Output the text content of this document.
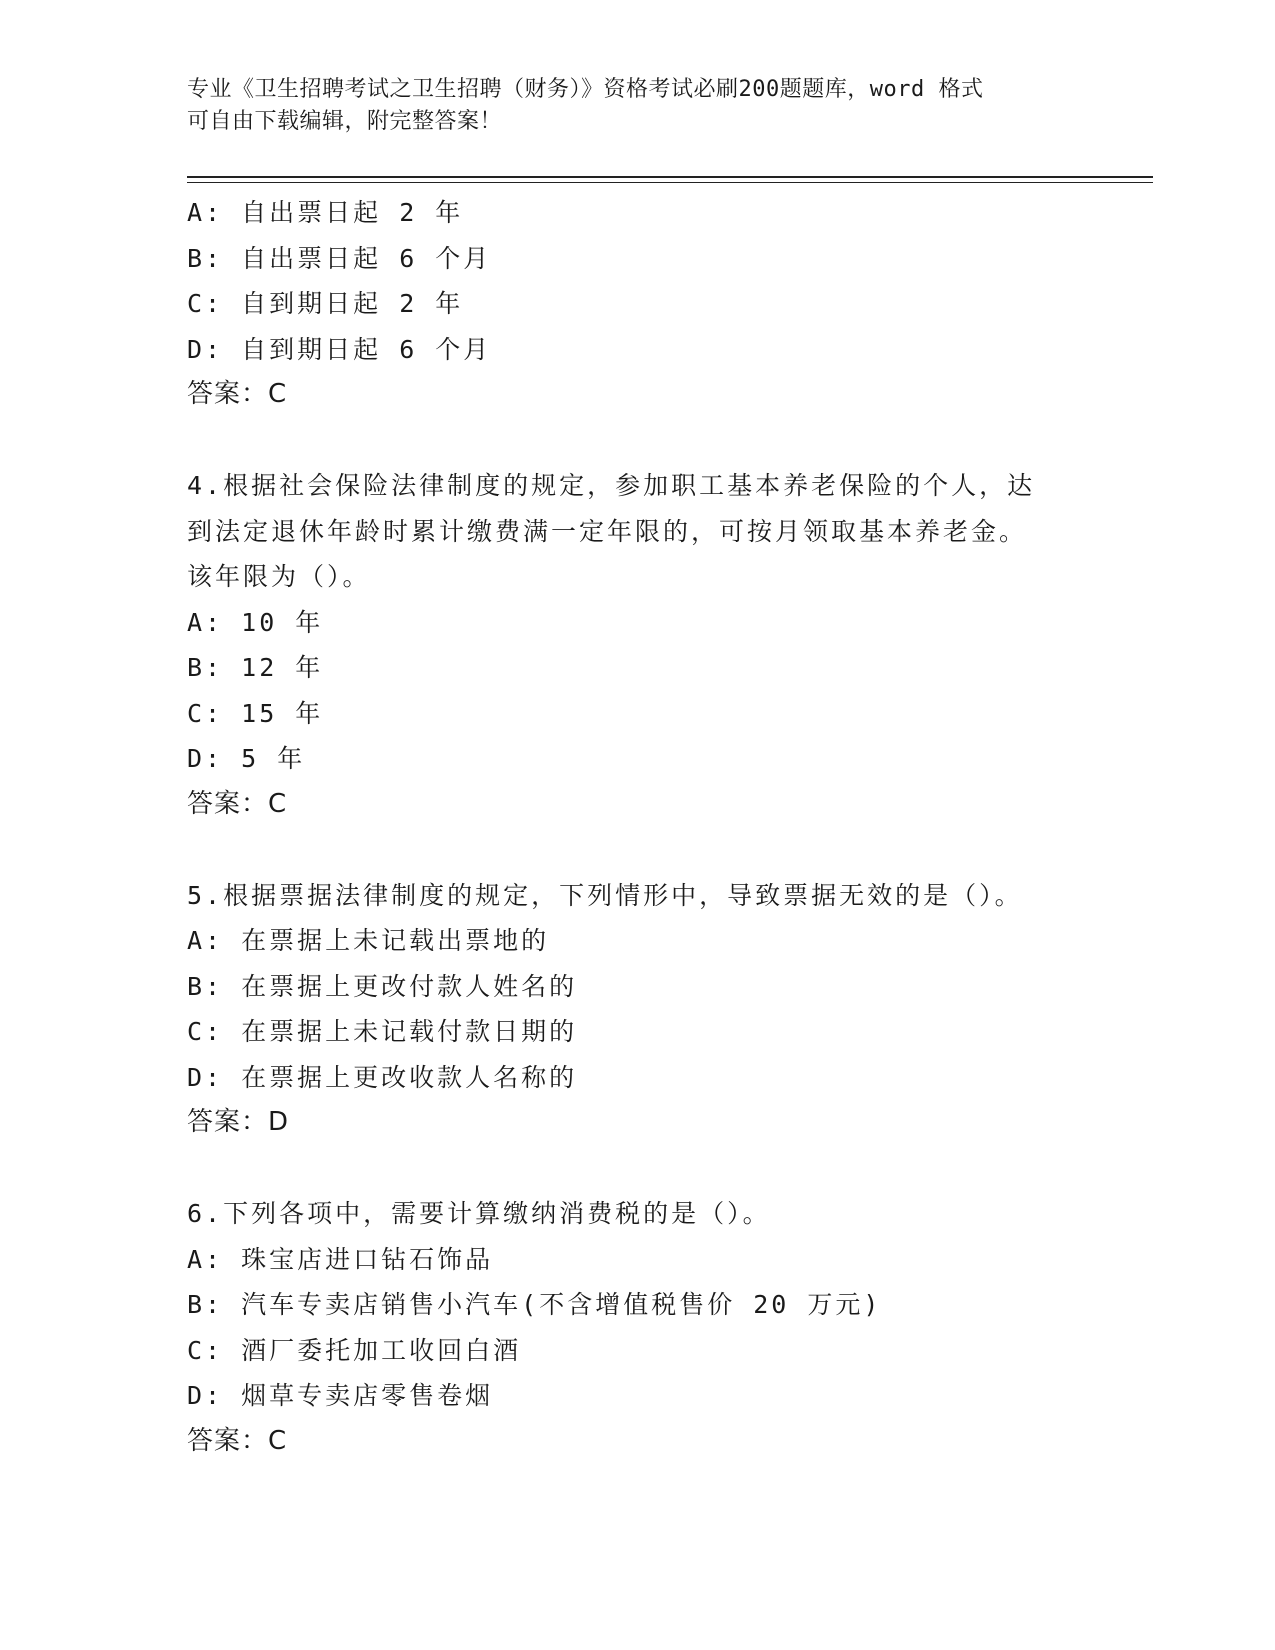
专业《卫生招聘考试之卫生招聘（财务）》资格考试必刷200题题库，word 格式
可自由下载编辑，附完整答案！
A: 自出票日起 2 年
B: 自出票日起 6 个月
C: 自到期日起 2 年
D: 自到期日起 6 个月
答案：C
4.根据社会保险法律制度的规定，参加职工基本养老保险的个人，达
到法定退休年龄时累计缴费满一定年限的，可按月领取基本养老金。
该年限为（）。
A: 10 年
B: 12 年
C: 15 年
D: 5 年
答案：C
5.根据票据法律制度的规定，下列情形中，导致票据无效的是（）。
A: 在票据上未记载出票地的
B: 在票据上更改付款人姓名的
C: 在票据上未记载付款日期的
D: 在票据上更改收款人名称的
答案：D
6.下列各项中，需要计算缴纳消费税的是（）。
A: 珠宝店进口钻石饰品
B: 汽车专卖店销售小汽车(不含增值税售价 20 万元)
C: 酒厂委托加工收回白酒
D: 烟草专卖店零售卷烟
答案：C
